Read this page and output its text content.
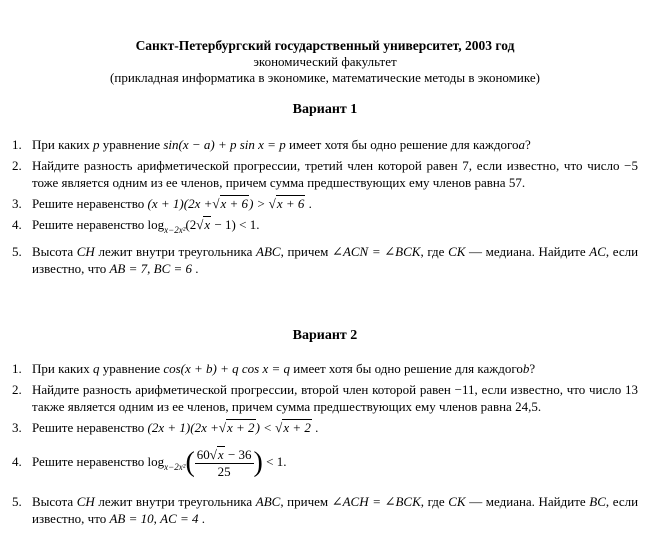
Санкт-Петербургский государственный университет, 2003 год
экономический факультет
(прикладная информатика в экономике, математические методы в экономике)
Вариант 1
1. При каких p уравнение sin(x − a) + p sin x = p имеет хотя бы одно решение для каждогоa?
2. Найдите разность арифметической прогрессии, третий член которой равен 7, если известно, что число −5 тоже является одним из ее членов, причем сумма предшествующих ему членов равна 57.
3. Решите неравенство (x + 1)(2x +√x + 6) > √x + 6 .
4. Решите неравенство $\log_{x-2x^2}(2√x - 1) < 1$.
5. Высота CH лежит внутри треугольника ABC, причем ∠ACN = ∠BCK, где CK — медиана. Найдите AC, если известно, что AB = 7, BC = 6 .
Вариант 2
1. При каких q уравнение cos(x + b) + q cos x = q имеет хотя бы одно решение для каждогоb?
2. Найдите разность арифметической прогрессии, второй член которой равен −11, если известно, что число 13 также является одним из ее членов, причем сумма предшествующих ему членов равна 24,5.
3. Решите неравенство (2x + 1)(2x +√x + 2) < √x + 2 .
4. Решите неравенство $\log_{x-2x^2}( \frac{60√x - 36}{25}$ ) < 1.
5. Высота CH лежит внутри треугольника ABC, причем ∠ACH = ∠BCK, где CK — медиана. Найдите BC, если известно, что AB = 10, AC = 4 .
